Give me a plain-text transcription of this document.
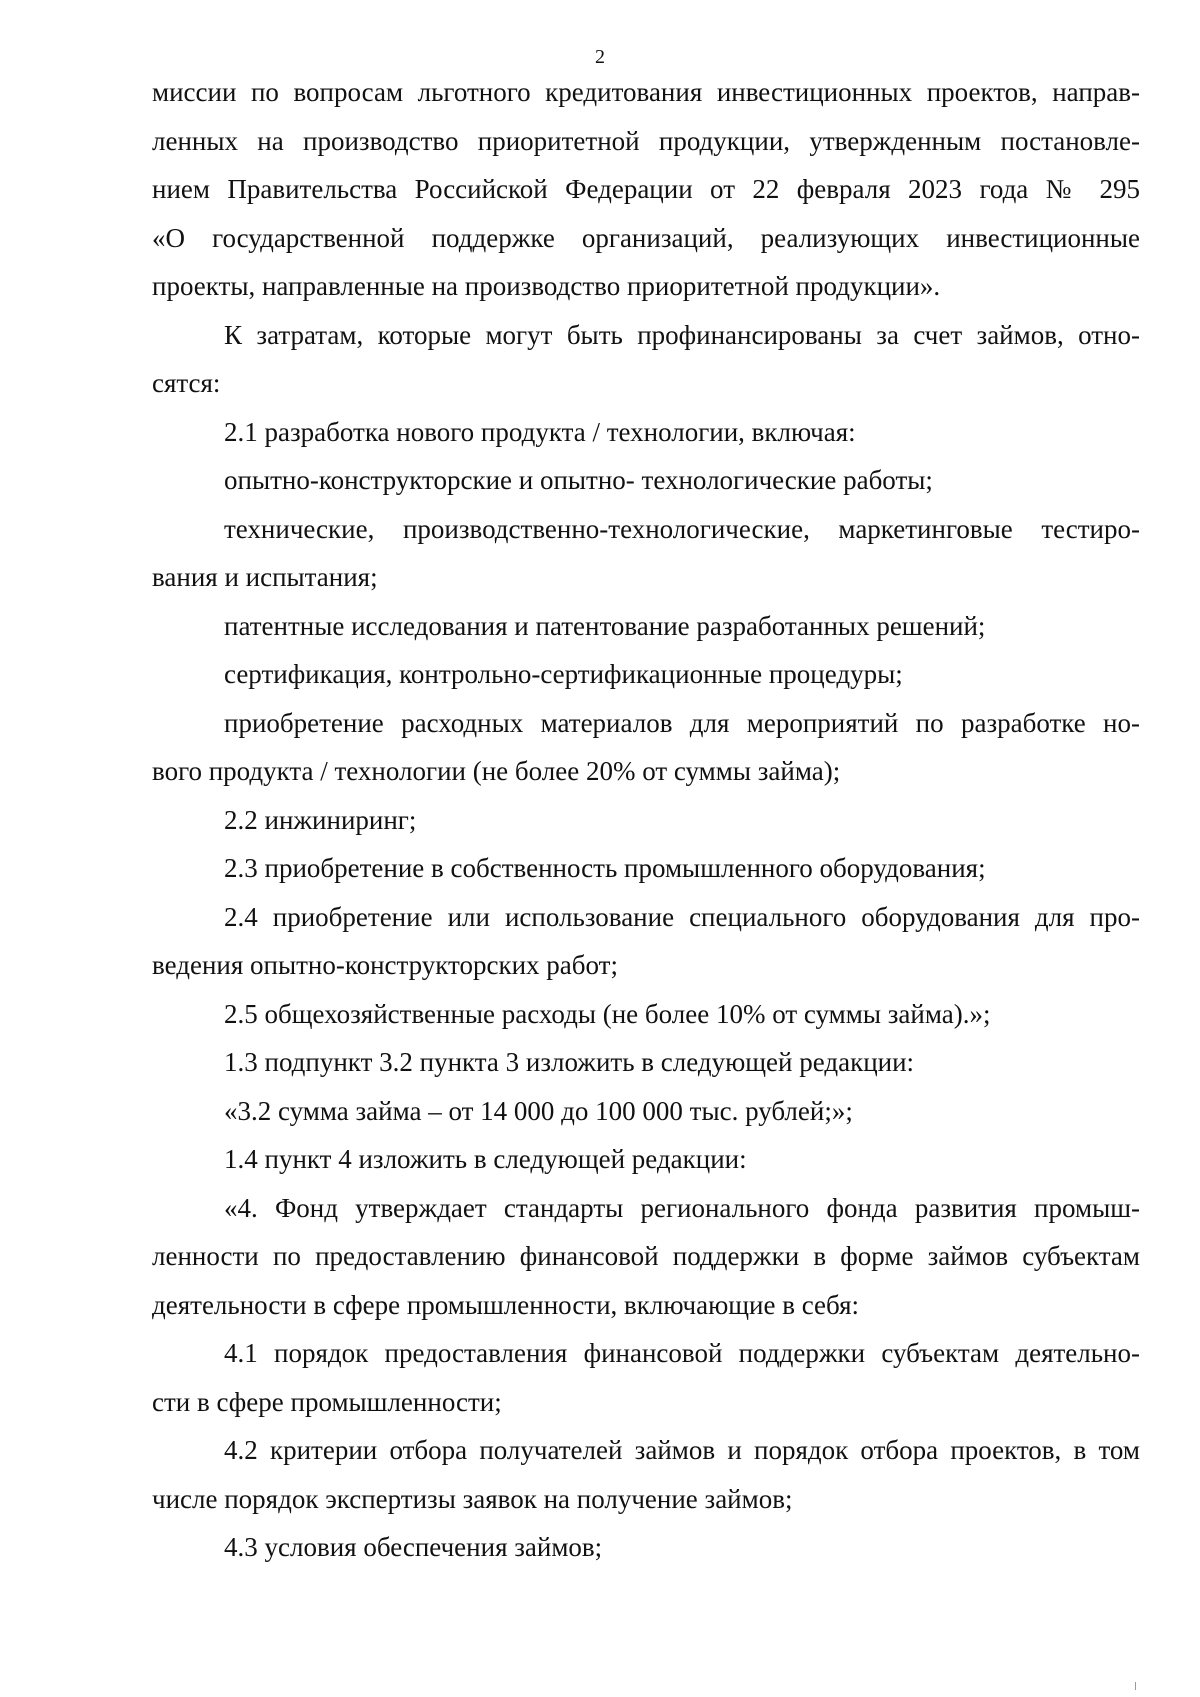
2
миссии по вопросам льготного кредитования инвестиционных проектов, направ-
ленных на производство приоритетной продукции, утвержденным постановле-
нием Правительства Российской Федерации от 22 февраля 2023 года № 295
«О государственной поддержке организаций, реализующих инвестиционные
проекты, направленные на производство приоритетной продукции».
К затратам, которые могут быть профинансированы за счет займов, отно-
сятся:
2.1 разработка нового продукта / технологии, включая:
опытно-конструкторские и опытно- технологические работы;
технические, производственно-технологические, маркетинговые тестиро-
вания и испытания;
патентные исследования и патентование разработанных решений;
сертификация, контрольно-сертификационные процедуры;
приобретение расходных материалов для мероприятий по разработке но-
вого продукта / технологии (не более 20% от суммы займа);
2.2 инжиниринг;
2.3 приобретение в собственность промышленного оборудования;
2.4 приобретение или использование специального оборудования для про-
ведения опытно-конструкторских работ;
2.5 общехозяйственные расходы (не более 10% от суммы займа).»;
1.3 подпункт 3.2 пункта 3 изложить в следующей редакции:
«3.2 сумма займа – от 14 000 до 100 000 тыс. рублей;»;
1.4 пункт 4 изложить в следующей редакции:
«4. Фонд утверждает стандарты регионального фонда развития промыш-
ленности по предоставлению финансовой поддержки в форме займов субъектам
деятельности в сфере промышленности, включающие в себя:
4.1 порядок предоставления финансовой поддержки субъектам деятельно-
сти в сфере промышленности;
4.2 критерии отбора получателей займов и порядок отбора проектов, в том
числе порядок экспертизы заявок на получение займов;
4.3 условия обеспечения займов;
